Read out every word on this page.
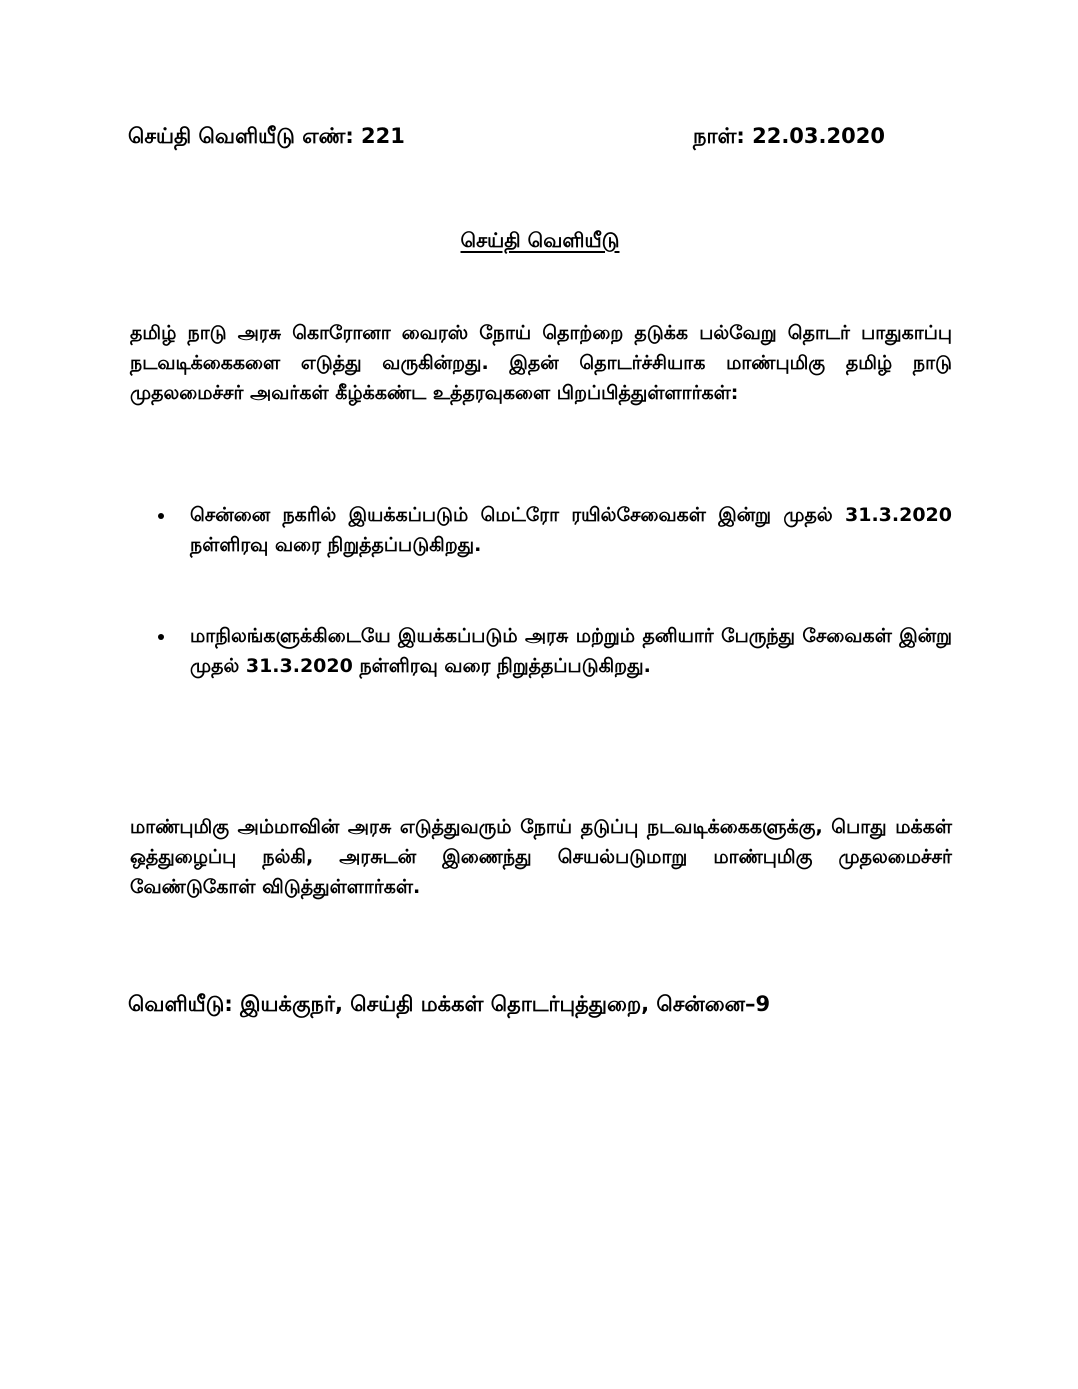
செய்தி வெளியீடு எண்: 221	நாள்: 22.03.2020
செய்தி வெளியீடு

தமிழ் நாடு அரசு கொரோனா வைரஸ் நோய் தொற்றை தடுக்க பல்வேறு தொடர் பாதுகாப்பு நடவடிக்கைகளை எடுத்து வருகின்றது. இதன் தொடர்ச்சியாக மாண்புமிகு தமிழ் நாடு முதலமைச்சர் அவர்கள் கீழ்க்கண்ட உத்தரவுகளை பிறப்பித்துள்ளார்கள்:

சென்னை நகரில் இயக்கப்படும் மெட்ரோ ரயில்சேவைகள் இன்று முதல் 31.3.2020 நள்ளிரவு வரை நிறுத்தப்படுகிறது.
மாநிலங்களுக்கிடையே இயக்கப்படும் அரசு மற்றும் தனியார் பேருந்து சேவைகள் இன்று முதல் 31.3.2020 நள்ளிரவு வரை நிறுத்தப்படுகிறது.

மாண்புமிகு அம்மாவின் அரசு எடுத்துவரும் நோய் தடுப்பு நடவடிக்கைகளுக்கு, பொது மக்கள் ஒத்துழைப்பு நல்கி, அரசுடன் இணைந்து செயல்படுமாறு மாண்புமிகு முதலமைச்சர் வேண்டுகோள் விடுத்துள்ளார்கள்.

வெளியீடு: இயக்குநர், செய்தி மக்கள் தொடர்புத்துறை, சென்னை–9
